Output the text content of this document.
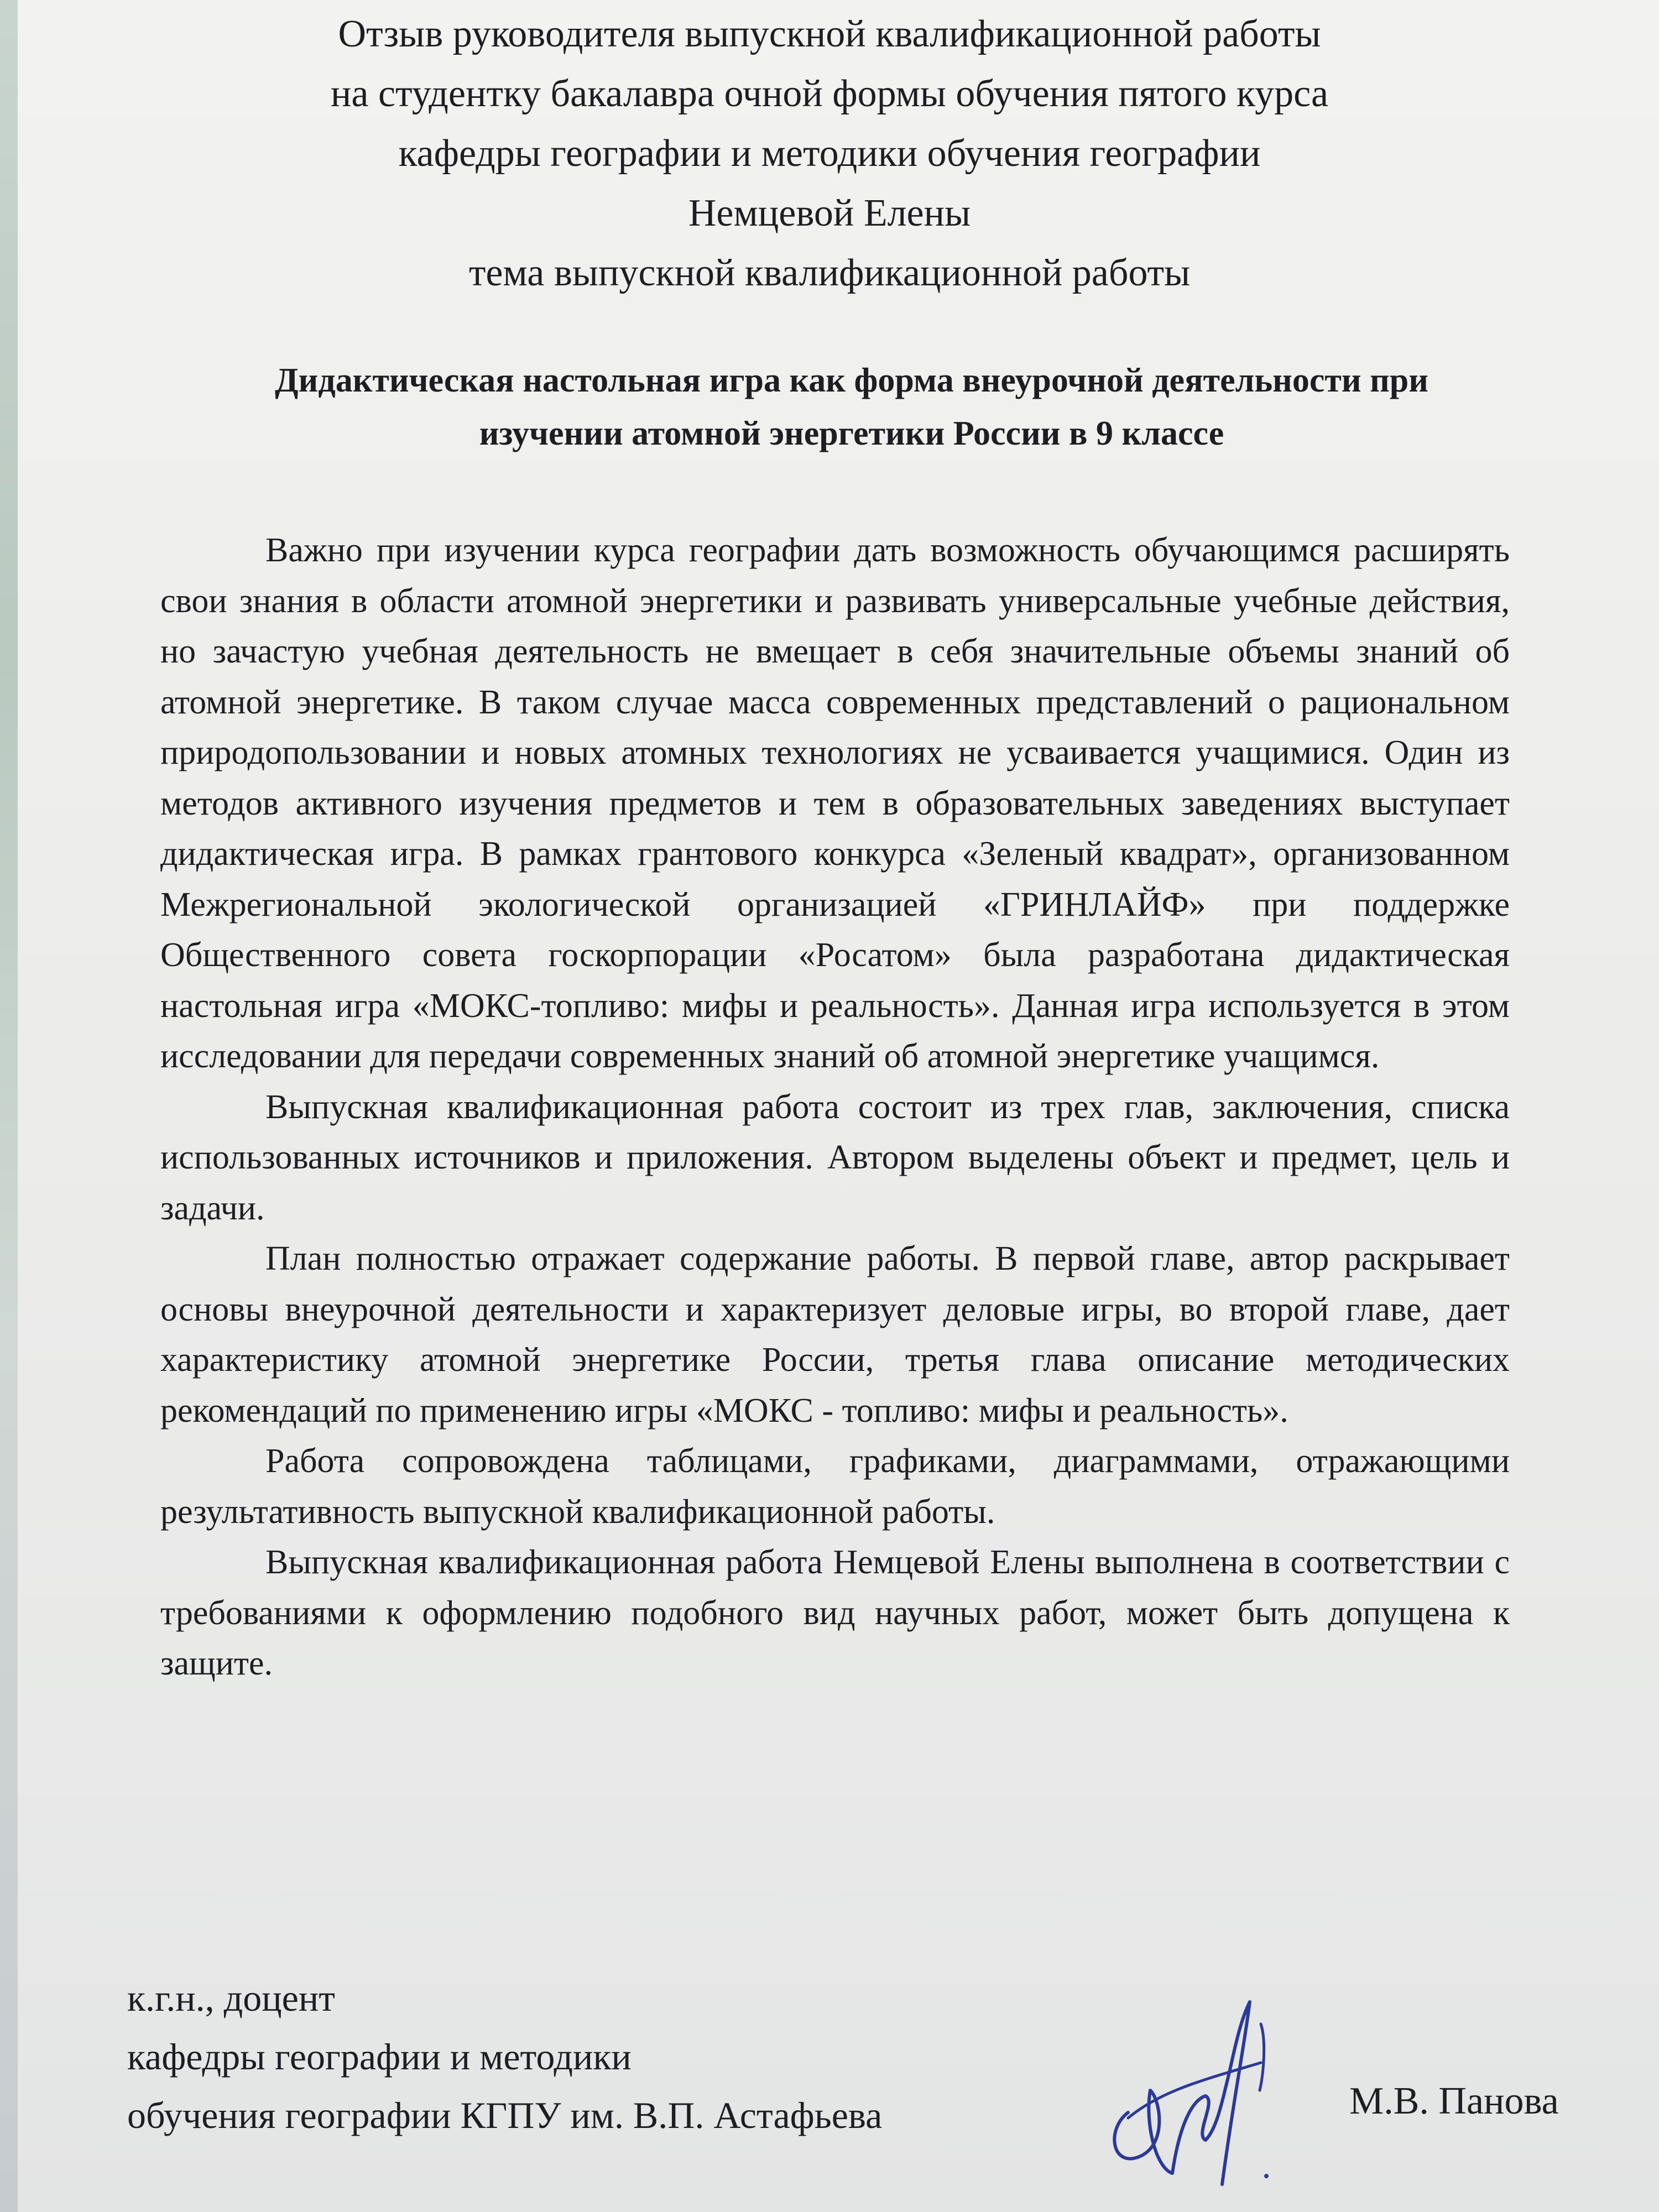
Отзыв руководителя выпускной квалификационной работы
на студентку бакалавра очной формы обучения пятого курса
кафедры географии и методики обучения географии
Немцевой Елены
тема выпускной квалификационной работы
Дидактическая настольная игра как форма внеурочной деятельности при
изучении атомной энергетики России в 9 классе

Важно при изучении курса географии дать возможность обучающимся расширять свои знания в области атомной энергетики и развивать универсальные учебные действия, но зачастую учебная деятельность не вмещает в себя значительные объемы знаний об атомной энергетике. В таком случае масса современных представлений о рациональном природопользовании и новых атомных технологиях не усваивается учащимися. Один из методов активного изучения предметов и тем в образовательных заведениях выступает дидактическая игра. В рамках грантового конкурса «Зеленый квадрат», организованном Межрегиональной экологической организацией «ГРИНЛАЙФ» при поддержке Общественного совета госкорпорации «Росатом» была разработана дидактическая настольная игра «МОКС-топливо: мифы и реальность». Данная игра используется в этом исследовании для передачи современных знаний об атомной энергетике учащимся.

Выпускная квалификационная работа состоит из трех глав, заключения, списка использованных источников и приложения. Автором выделены объект и предмет, цель и задачи.

План полностью отражает содержание работы. В первой главе, автор раскрывает основы внеурочной деятельности и характеризует деловые игры, во второй главе, дает характеристику атомной энергетике России, третья глава описание методических рекомендаций по применению игры «МОКС - топливо: мифы и реальность».

Работа сопровождена таблицами, графиками, диаграммами, отражающими результативность выпускной квалификационной работы.

Выпускная квалификационная работа Немцевой Елены выполнена в соответствии с требованиями к оформлению подобного вид научных работ, может быть допущена к защите.

к.г.н., доцент
кафедры географии и методики
обучения географии КГПУ им. В.П. Астафьева	М.В. Панова
